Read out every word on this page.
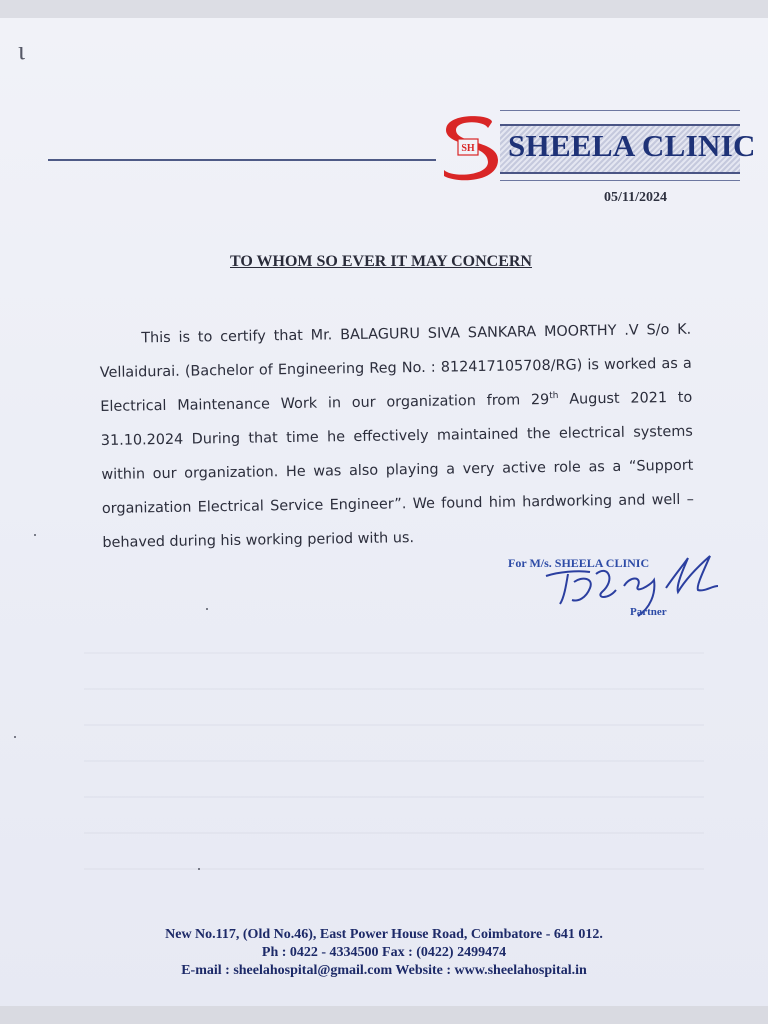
ι
SH SHEELA CLINIC
05/11/2024
TO WHOM SO EVER IT MAY CONCERN

This is to certify that Mr. BALAGURU SIVA SANKARA MOORTHY .V S/o K. Vellaidurai. (Bachelor of Engineering Reg No. : 812417105708/RG) is worked as a Electrical Maintenance Work in our organization from 29th August 2021 to 31.10.2024 During that time he effectively maintained the electrical systems within our organization. He was also playing a very active role as a “Support organization Electrical Service Engineer”. We found him hardworking and well – behaved during his working period with us.

For M/s. SHEELA CLINIC
Partner
New No.117, (Old No.46), East Power House Road, Coimbatore - 641 012.
Ph : 0422 - 4334500 Fax : (0422) 2499474
E-mail : sheelahospital@gmail.com Website : www.sheelahospital.in
